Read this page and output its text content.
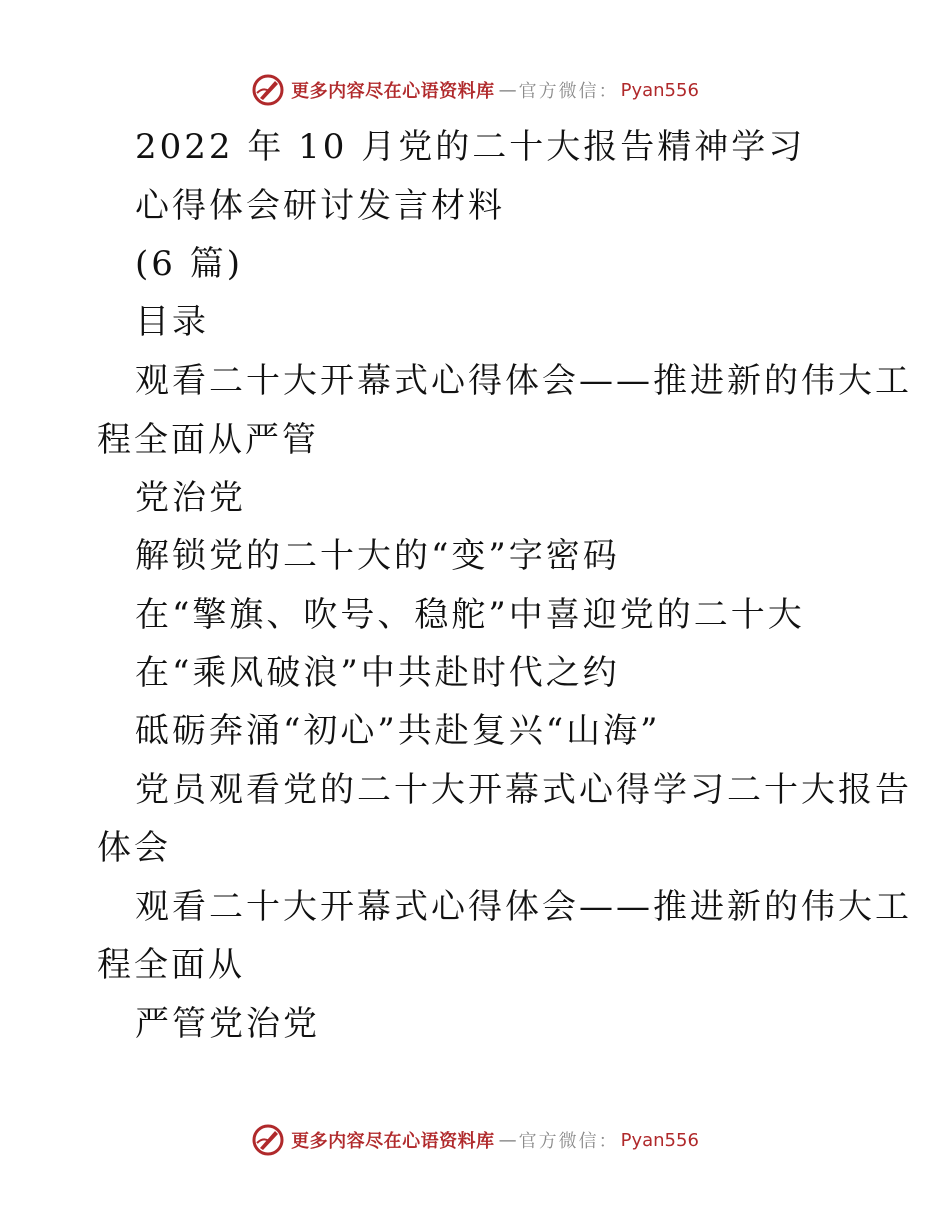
更多内容尽在心语资料库 — 官方微信： Pyan556
2022 年 10 月党的二十大报告精神学习
心得体会研讨发言材料
(6 篇)
目录
观看二十大开幕式心得体会——推进新的伟大工
程全面从严管
党治党
解锁党的二十大的“变”字密码
在“擎旗、吹号、稳舵”中喜迎党的二十大
在“乘风破浪”中共赴时代之约
砥砺奔涌“初心”共赴复兴“山海”
党员观看党的二十大开幕式心得学习二十大报告
体会
观看二十大开幕式心得体会——推进新的伟大工
程全面从
严管党治党
更多内容尽在心语资料库 — 官方微信： Pyan556
